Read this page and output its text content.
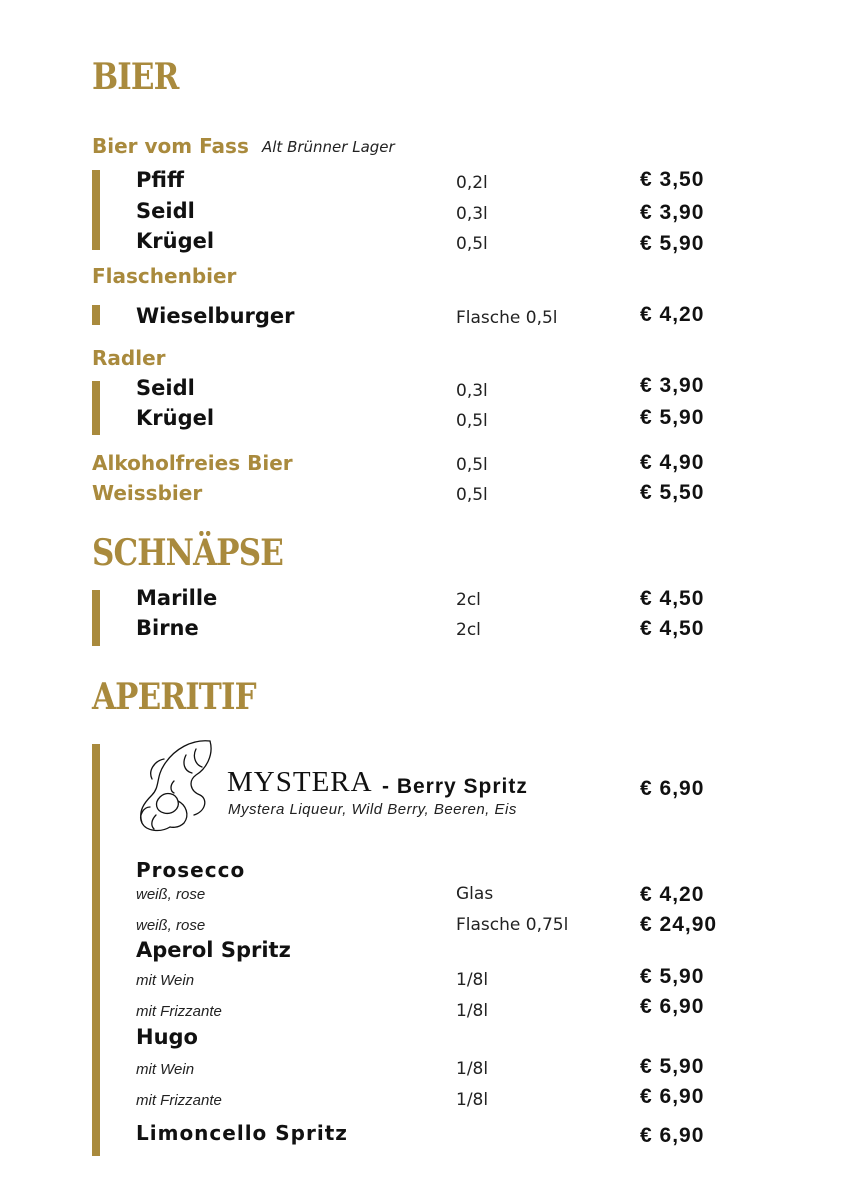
BIER
Bier vom Fass Alt Brünner Lager
Pfiff	0,2l	€ 3,50
Seidl	0,3l	€ 3,90
Krügel	0,5l	€ 5,90
Flaschenbier
Wieselburger	Flasche 0,5l	€ 4,20
Radler
Seidl	0,3l	€ 3,90
Krügel	0,5l	€ 5,90
Alkoholfreies Bier	0,5l	€ 4,90
Weissbier	0,5l	€ 5,50
SCHNÄPSE
Marille	2cl	€ 4,50
Birne	2cl	€ 4,50
APERITIF
MYSTERA - Berry Spritz
Mystera Liqueur, Wild Berry, Beeren, Eis
€ 6,90
Prosecco
weiß, rose	Glas	€ 4,20
weiß, rose	Flasche 0,75l	€ 24,90
Aperol Spritz
mit Wein	1/8l	€ 5,90
mit Frizzante	1/8l	€ 6,90
Hugo
mit Wein	1/8l	€ 5,90
mit Frizzante	1/8l	€ 6,90
Limoncello Spritz	€ 6,90
